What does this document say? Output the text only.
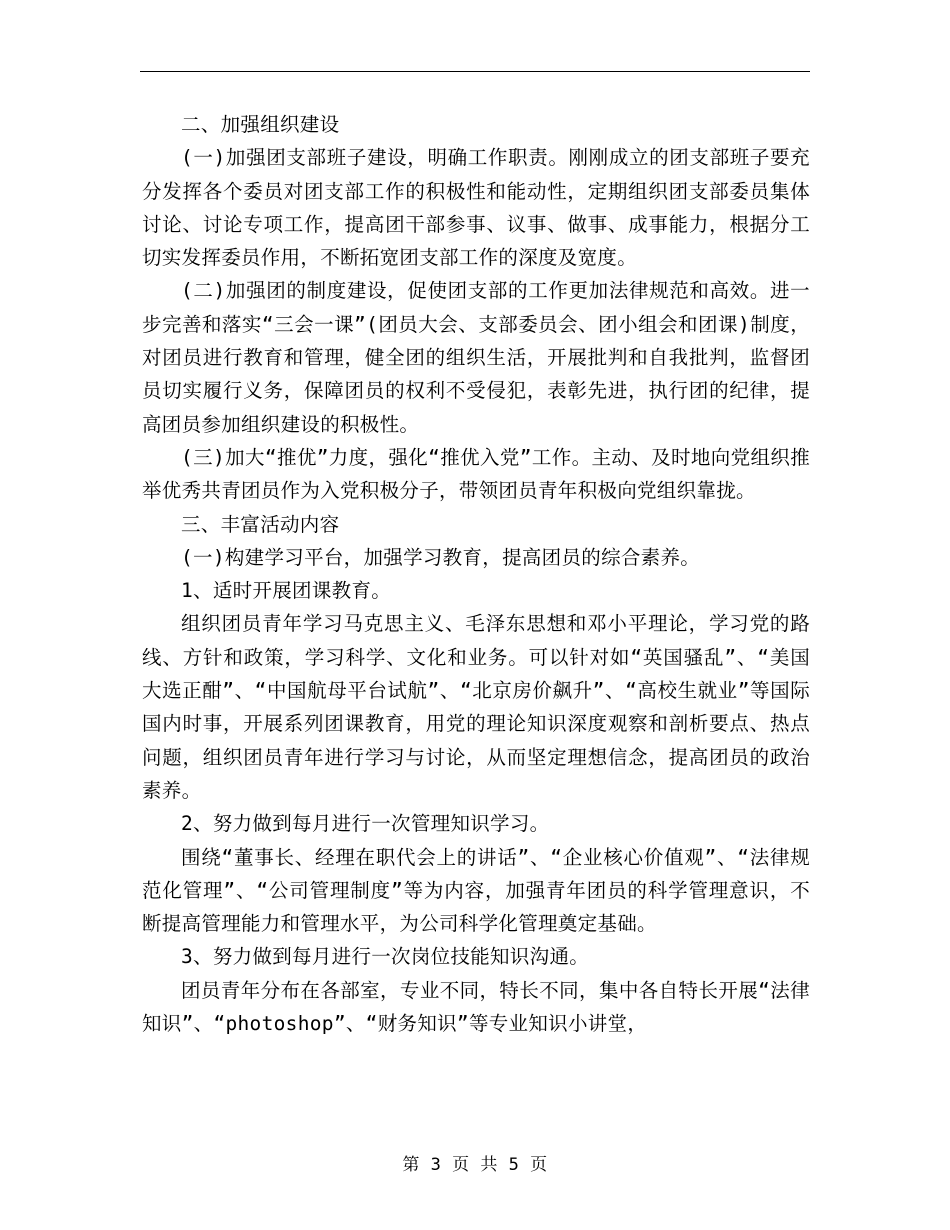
二、加强组织建设

(一)加强团支部班子建设，明确工作职责。刚刚成立的团支部班子要充分发挥各个委员对团支部工作的积极性和能动性，定期组织团支部委员集体讨论、讨论专项工作，提高团干部参事、议事、做事、成事能力，根据分工切实发挥委员作用，不断拓宽团支部工作的深度及宽度。

(二)加强团的制度建设，促使团支部的工作更加法律规范和高效。进一步完善和落实“三会一课”(团员大会、支部委员会、团小组会和团课)制度，对团员进行教育和管理，健全团的组织生活，开展批判和自我批判，监督团员切实履行义务，保障团员的权利不受侵犯，表彰先进，执行团的纪律，提高团员参加组织建设的积极性。

(三)加大“推优”力度，强化“推优入党”工作。主动、及时地向党组织推举优秀共青团员作为入党积极分子，带领团员青年积极向党组织靠拢。

三、丰富活动内容

(一)构建学习平台，加强学习教育，提高团员的综合素养。

1、适时开展团课教育。

组织团员青年学习马克思主义、毛泽东思想和邓小平理论，学习党的路线、方针和政策，学习科学、文化和业务。可以针对如“英国骚乱”、“美国大选正酣”、“中国航母平台试航”、“北京房价飙升”、“高校生就业”等国际国内时事，开展系列团课教育，用党的理论知识深度观察和剖析要点、热点问题，组织团员青年进行学习与讨论，从而坚定理想信念，提高团员的政治素养。

2、努力做到每月进行一次管理知识学习。

围绕“董事长、经理在职代会上的讲话”、“企业核心价值观”、“法律规范化管理”、“公司管理制度”等为内容，加强青年团员的科学管理意识，不断提高管理能力和管理水平，为公司科学化管理奠定基础。

3、努力做到每月进行一次岗位技能知识沟通。

团员青年分布在各部室，专业不同，特长不同，集中各自特长开展“法律知识”、“photoshop”、“财务知识”等专业知识小讲堂，

第 3 页 共 5 页
